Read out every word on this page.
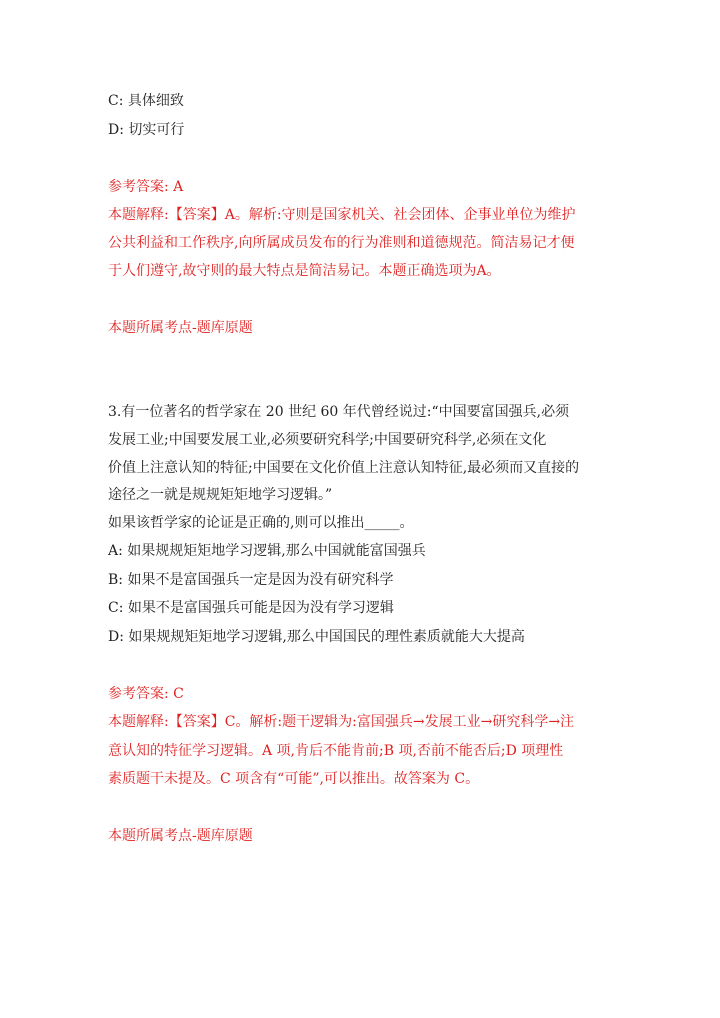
C: 具体细致
D: 切实可行
参考答案: A
本题解释:【答案】A。解析:守则是国家机关、社会团体、企事业单位为维护
公共利益和工作秩序,向所属成员发布的行为准则和道德规范。简洁易记才便
于人们遵守,故守则的最大特点是简洁易记。本题正确选项为A。
本题所属考点-题库原题
3.有一位著名的哲学家在 20 世纪 60 年代曾经说过:“中国要富国强兵,必须
发展工业;中国要发展工业,必须要研究科学;中国要研究科学,必须在文化
价值上注意认知的特征;中国要在文化价值上注意认知特征,最必须而又直接的
途径之一就是规规矩矩地学习逻辑。”
如果该哲学家的论证是正确的,则可以推出_____。
A: 如果规规矩矩地学习逻辑,那么中国就能富国强兵
B: 如果不是富国强兵一定是因为没有研究科学
C: 如果不是富国强兵可能是因为没有学习逻辑
D: 如果规规矩矩地学习逻辑,那么中国国民的理性素质就能大大提高
参考答案: C
本题解释:【答案】C。解析:题干逻辑为:富国强兵→发展工业→研究科学→注
意认知的特征学习逻辑。A 项,肯后不能肯前;B 项,否前不能否后;D 项理性
素质题干未提及。C 项含有“可能”,可以推出。故答案为 C。
本题所属考点-题库原题
